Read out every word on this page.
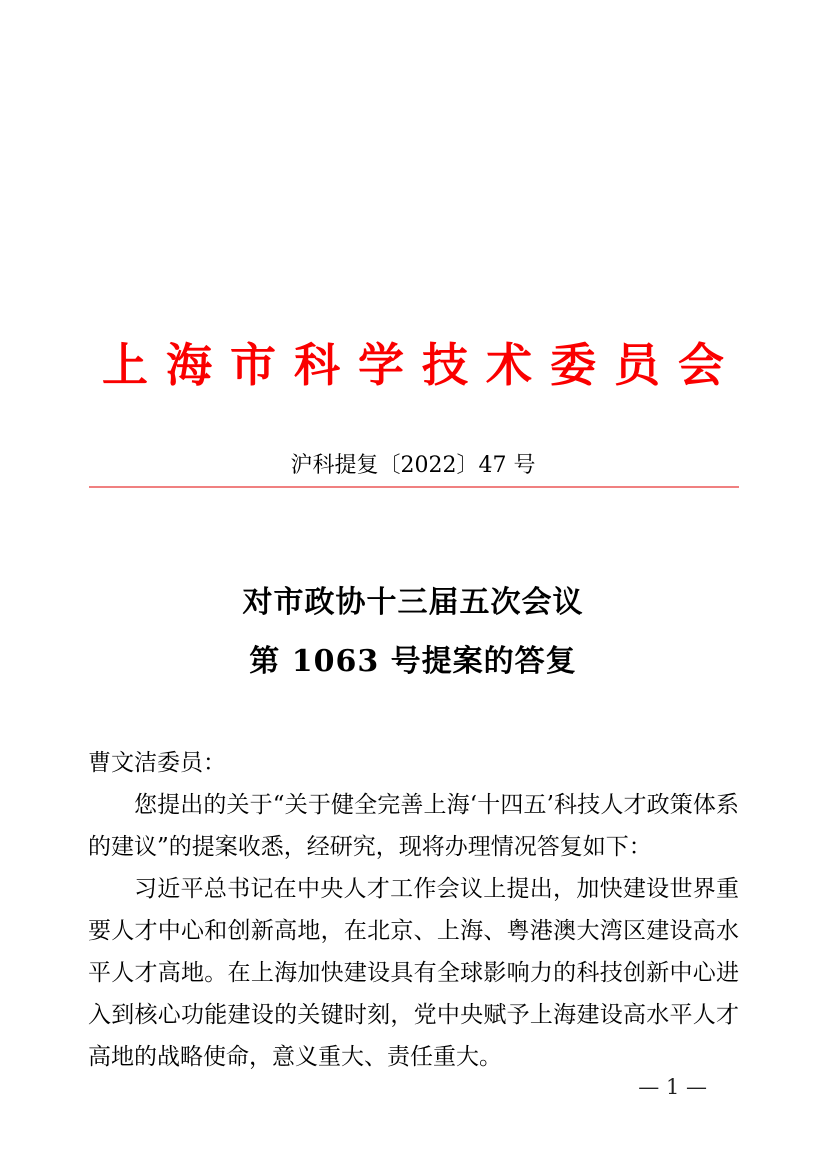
上海市科学技术委员会
沪科提复〔2022〕47 号
对市政协十三届五次会议
第 1063 号提案的答复
曹文洁委员：

您提出的关于“关于健全完善上海‘十四五’科技人才政策体系的建议”的提案收悉，经研究，现将办理情况答复如下：

习近平总书记在中央人才工作会议上提出，加快建设世界重要人才中心和创新高地，在北京、上海、粤港澳大湾区建设高水平人才高地。在上海加快建设具有全球影响力的科技创新中心进入到核心功能建设的关键时刻，党中央赋予上海建设高水平人才高地的战略使命，意义重大、责任重大。

— 1 —
